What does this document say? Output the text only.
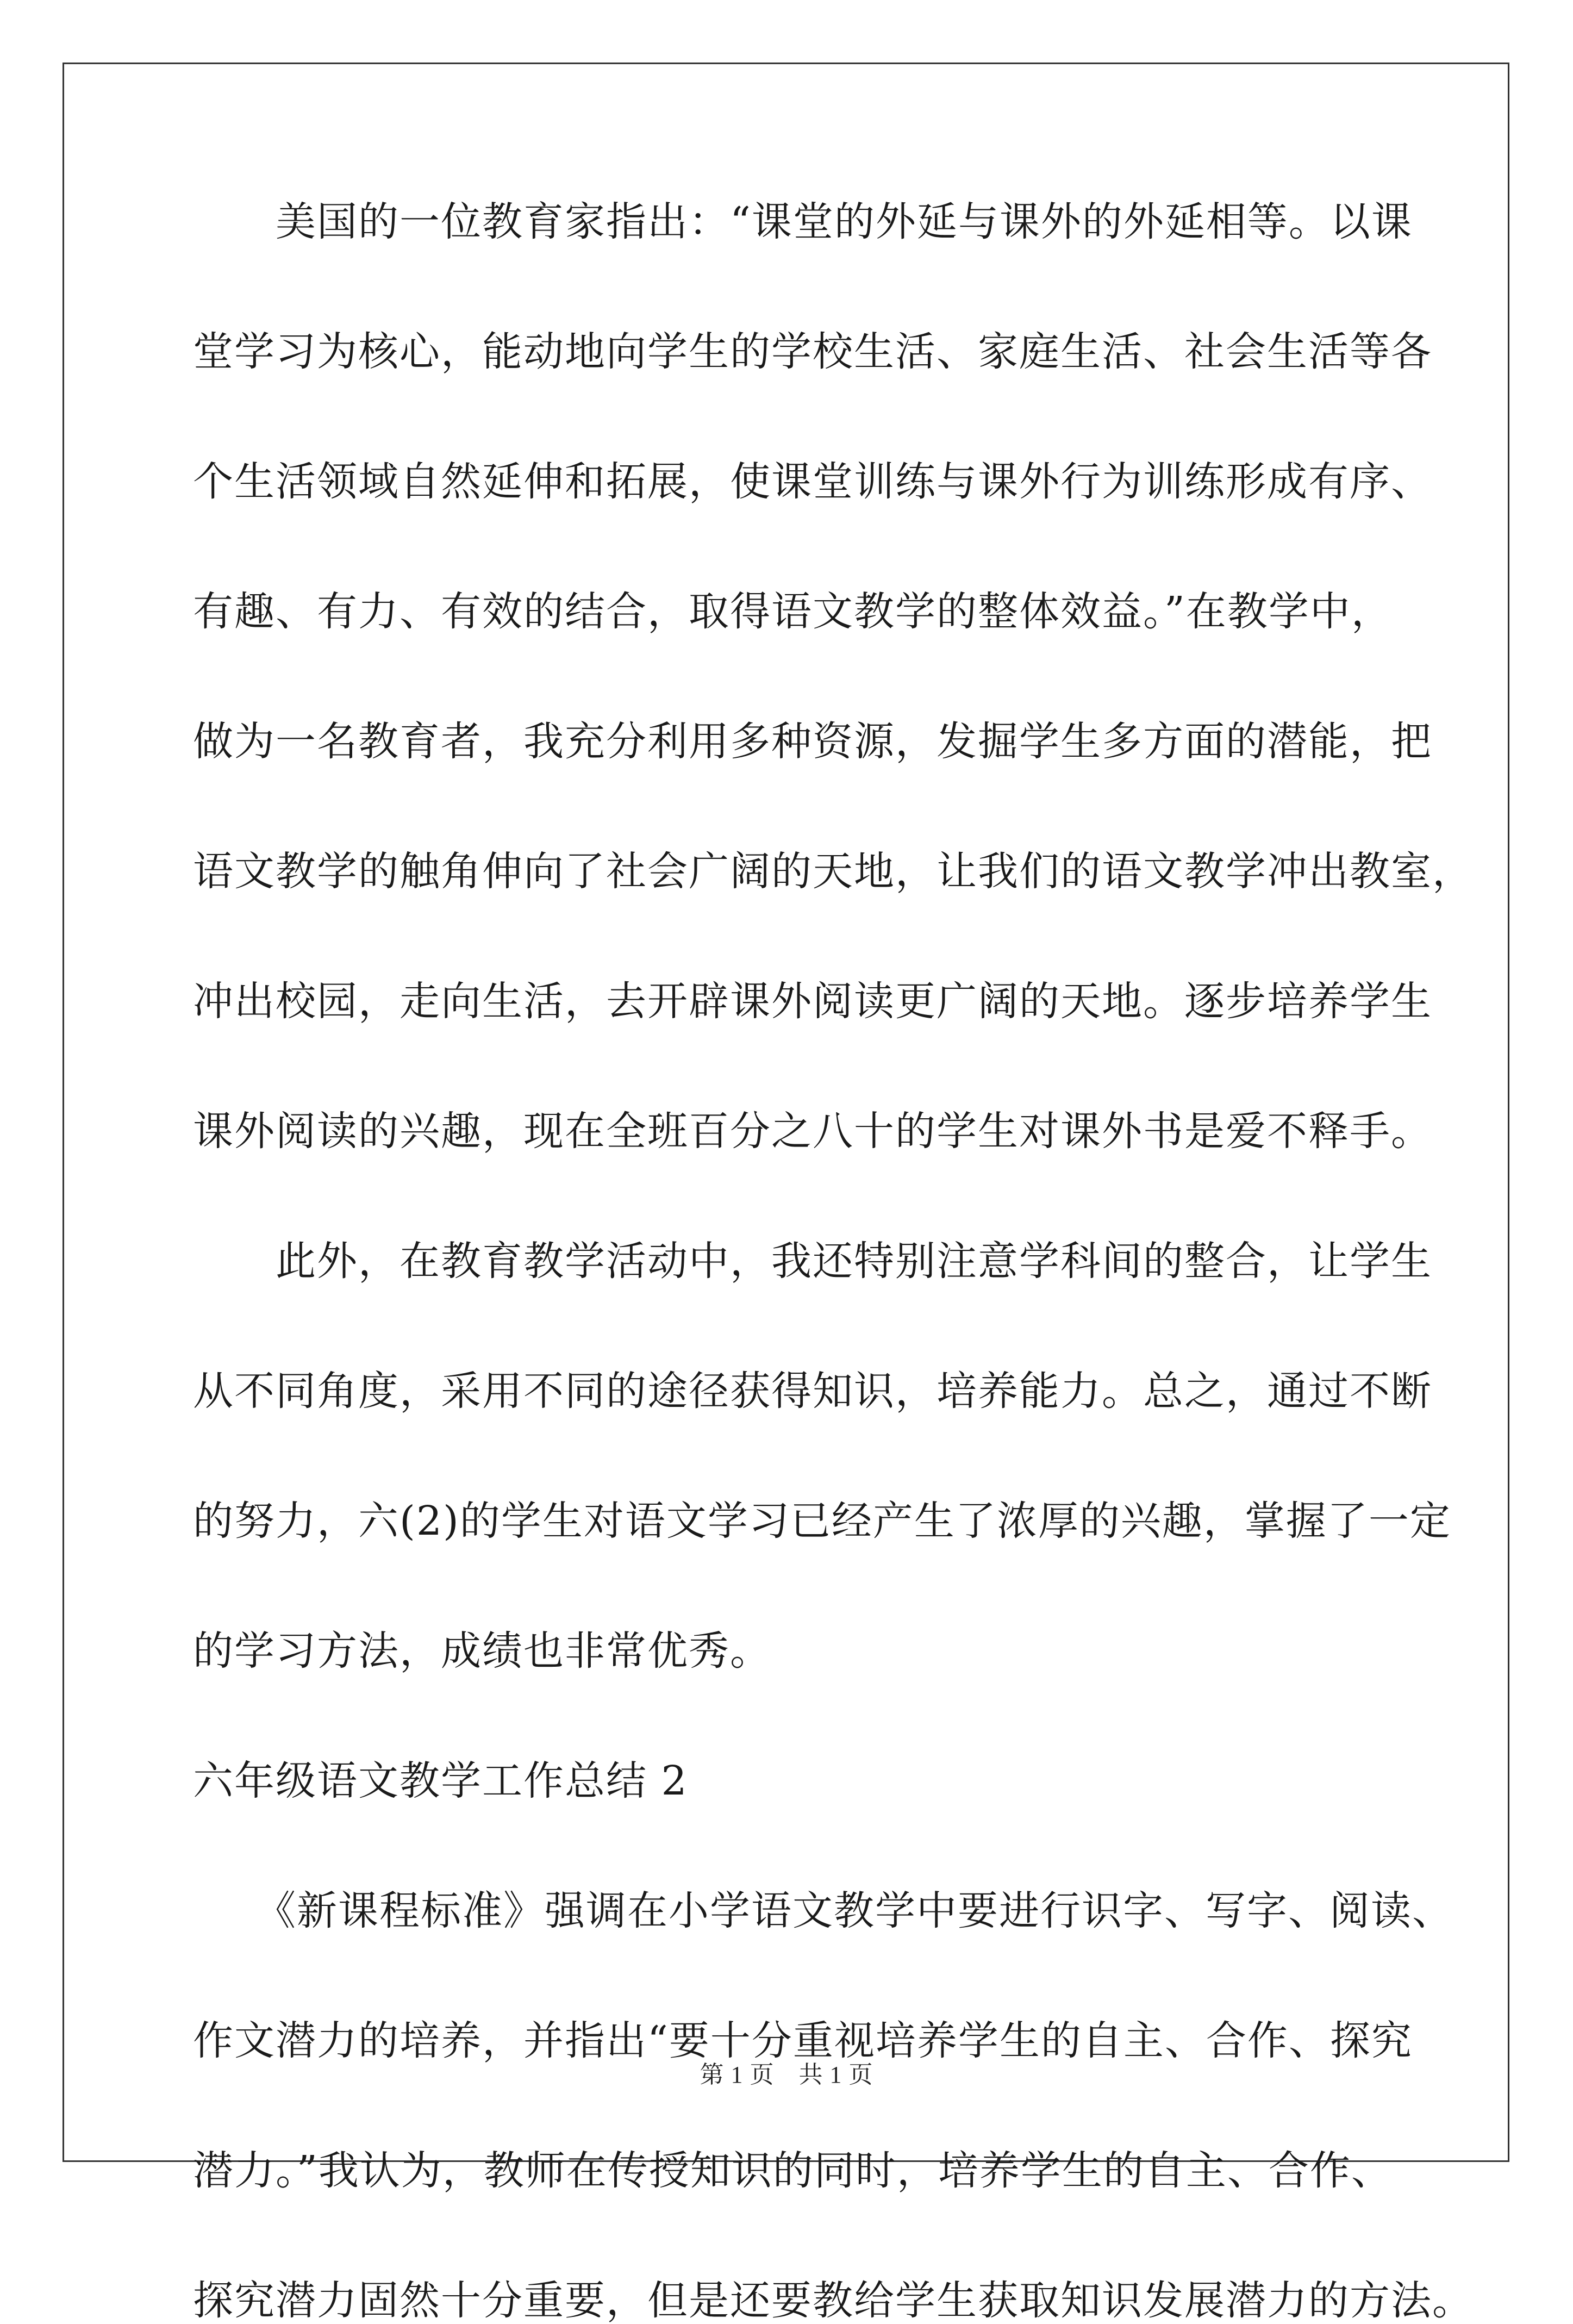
　　美国的一位教育家指出：“课堂的外延与课外的外延相等。以课
堂学习为核心，能动地向学生的学校生活、家庭生活、社会生活等各
个生活领域自然延伸和拓展，使课堂训练与课外行为训练形成有序、
有趣、有力、有效的结合，取得语文教学的整体效益。”在教学中，
做为一名教育者，我充分利用多种资源，发掘学生多方面的潜能，把
语文教学的触角伸向了社会广阔的天地，让我们的语文教学冲出教室，
冲出校园，走向生活，去开辟课外阅读更广阔的天地。逐步培养学生
课外阅读的兴趣，现在全班百分之八十的学生对课外书是爱不释手。
　　此外，在教育教学活动中，我还特别注意学科间的整合，让学生
从不同角度，采用不同的途径获得知识，培养能力。总之，通过不断
的努力，六(2)的学生对语文学习已经产生了浓厚的兴趣，掌握了一定
的学习方法，成绩也非常优秀。
六年级语文教学工作总结 2
　　《新课程标准》强调在小学语文教学中要进行识字、写字、阅读、
作文潜力的培养，并指出“要十分重视培养学生的自主、合作、探究
潜力。”我认为，教师在传授知识的同时，培养学生的自主、合作、
探究潜力固然十分重要，但是还要教给学生获取知识发展潜力的方法。
第 1 页　共 1 页
